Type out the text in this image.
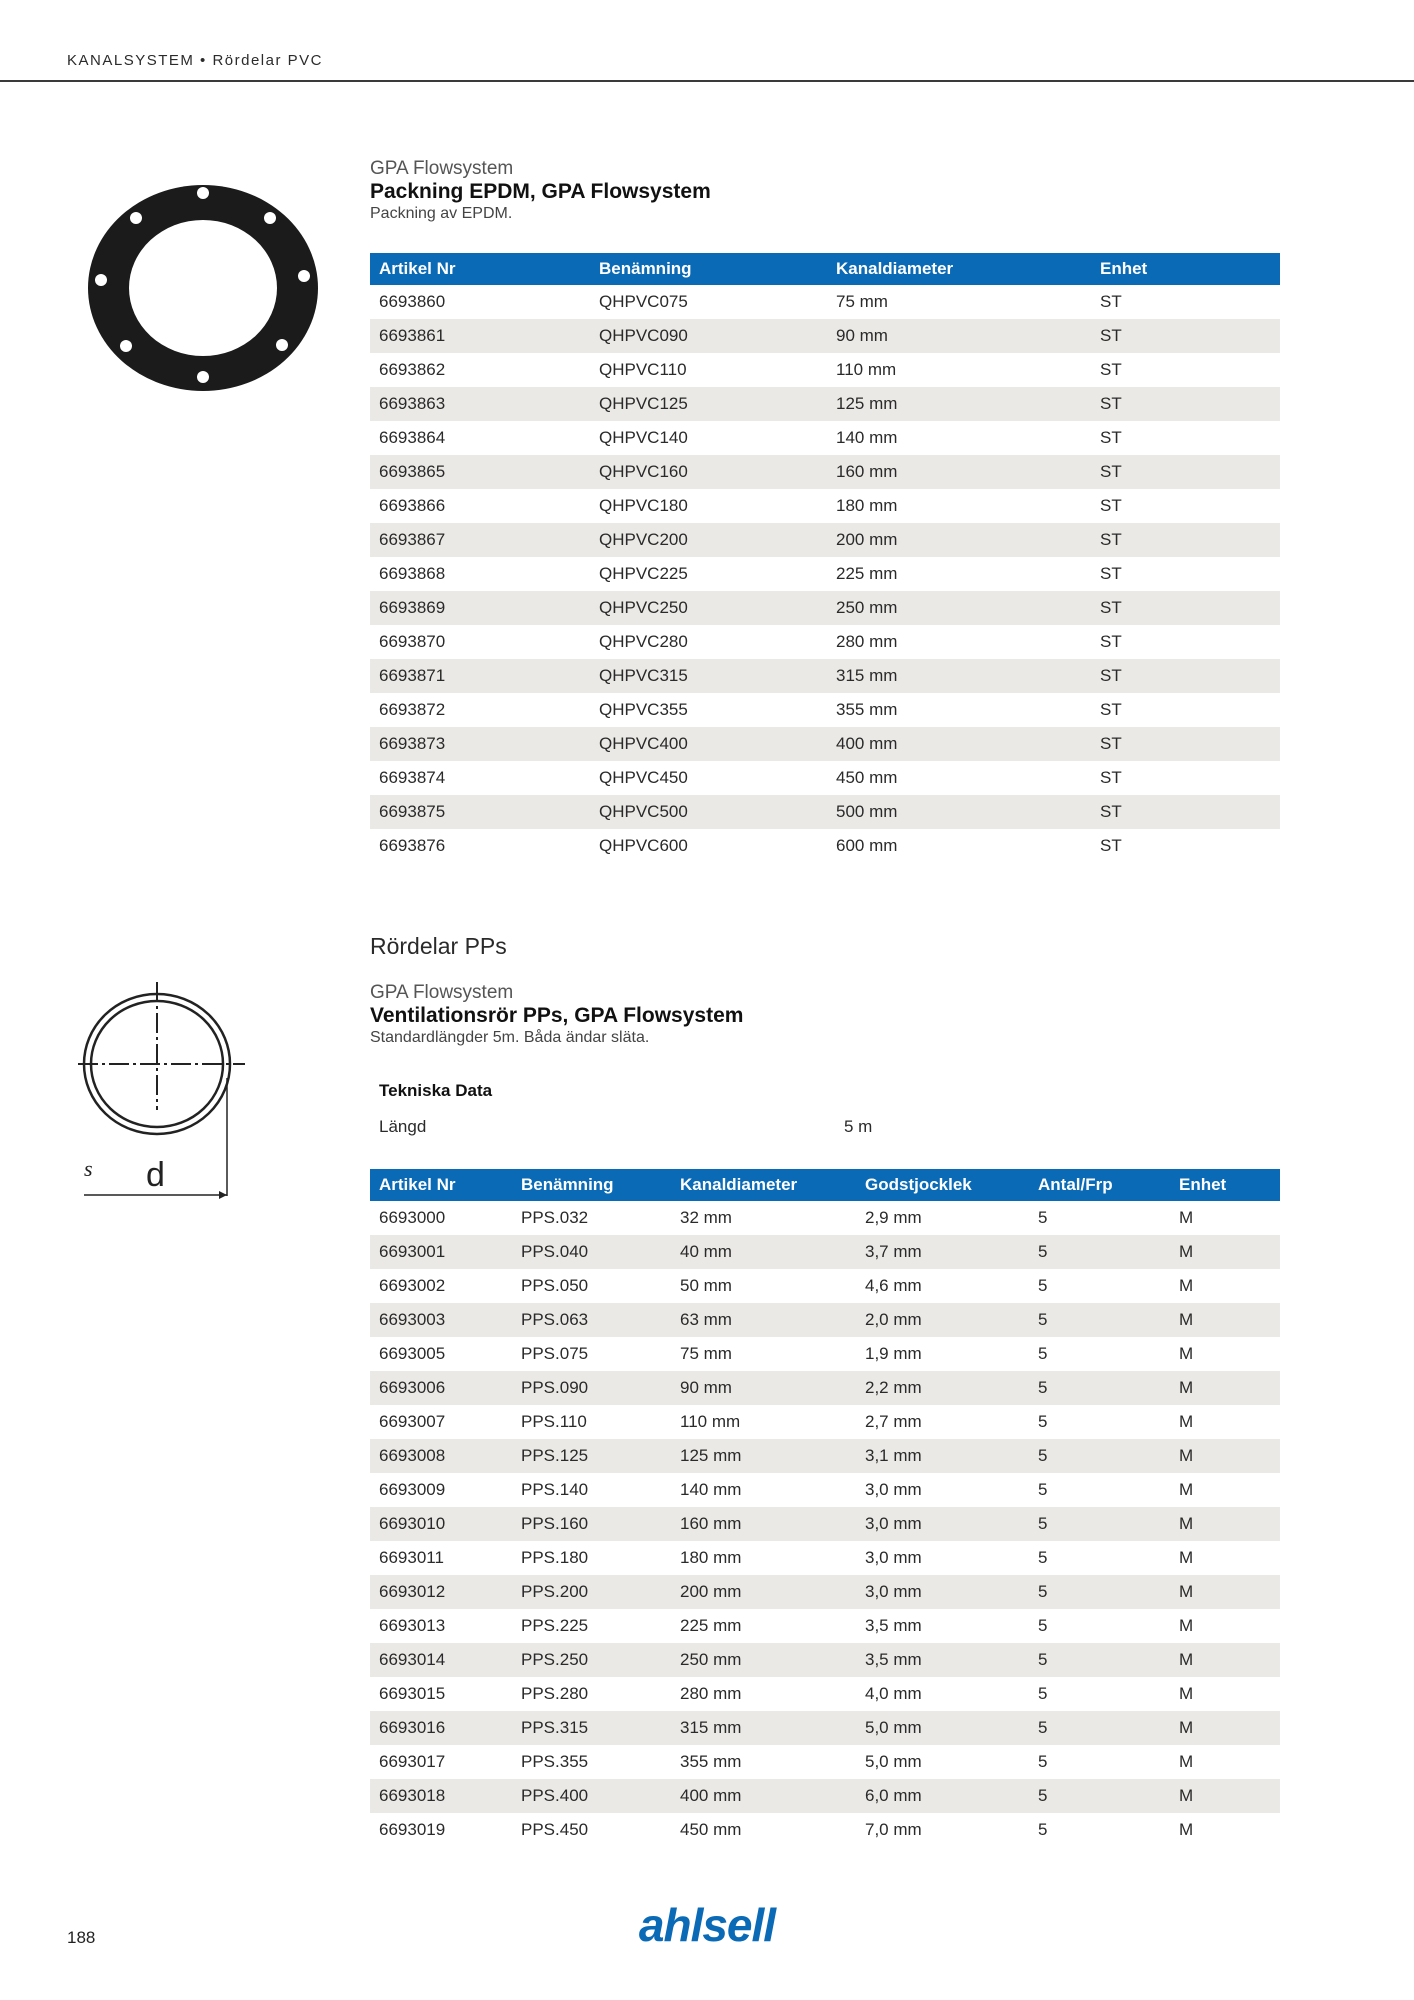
KANALSYSTEM • Rördelar PVC
GPA Flowsystem
Packning EPDM, GPA Flowsystem
Packning av EPDM.
Artikel Nr	Benämning	Kanaldiameter	Enhet
6693860	QHPVC075	75 mm	ST
6693861	QHPVC090	90 mm	ST
6693862	QHPVC110	110 mm	ST
6693863	QHPVC125	125 mm	ST
6693864	QHPVC140	140 mm	ST
6693865	QHPVC160	160 mm	ST
6693866	QHPVC180	180 mm	ST
6693867	QHPVC200	200 mm	ST
6693868	QHPVC225	225 mm	ST
6693869	QHPVC250	250 mm	ST
6693870	QHPVC280	280 mm	ST
6693871	QHPVC315	315 mm	ST
6693872	QHPVC355	355 mm	ST
6693873	QHPVC400	400 mm	ST
6693874	QHPVC450	450 mm	ST
6693875	QHPVC500	500 mm	ST
6693876	QHPVC600	600 mm	ST
s d
Rördelar PPs
GPA Flowsystem
Ventilationsrör PPs, GPA Flowsystem
Standardlängder 5m. Båda ändar släta.
Tekniska Data
Längd	5 m
Artikel Nr	Benämning	Kanaldiameter	Godstjocklek	Antal/Frp	Enhet
6693000	PPS.032	32 mm	2,9 mm	5	M
6693001	PPS.040	40 mm	3,7 mm	5	M
6693002	PPS.050	50 mm	4,6 mm	5	M
6693003	PPS.063	63 mm	2,0 mm	5	M
6693005	PPS.075	75 mm	1,9 mm	5	M
6693006	PPS.090	90 mm	2,2 mm	5	M
6693007	PPS.110	110 mm	2,7 mm	5	M
6693008	PPS.125	125 mm	3,1 mm	5	M
6693009	PPS.140	140 mm	3,0 mm	5	M
6693010	PPS.160	160 mm	3,0 mm	5	M
6693011	PPS.180	180 mm	3,0 mm	5	M
6693012	PPS.200	200 mm	3,0 mm	5	M
6693013	PPS.225	225 mm	3,5 mm	5	M
6693014	PPS.250	250 mm	3,5 mm	5	M
6693015	PPS.280	280 mm	4,0 mm	5	M
6693016	PPS.315	315 mm	5,0 mm	5	M
6693017	PPS.355	355 mm	5,0 mm	5	M
6693018	PPS.400	400 mm	6,0 mm	5	M
6693019	PPS.450	450 mm	7,0 mm	5	M
188	ahlsell
